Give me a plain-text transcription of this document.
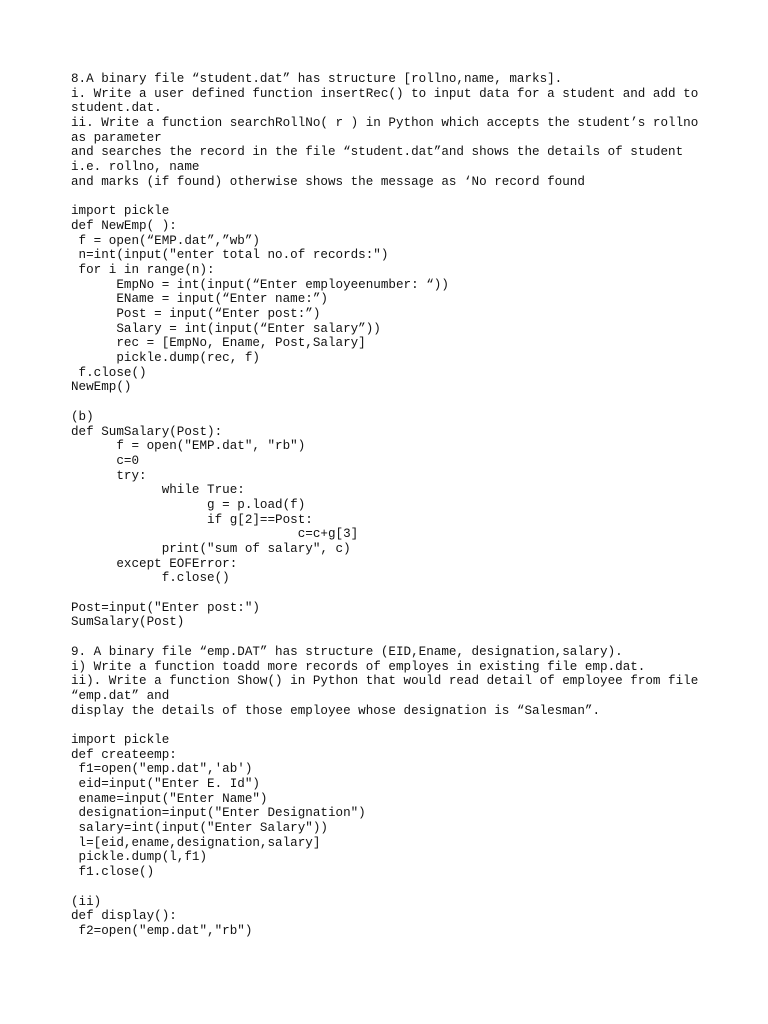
8.A binary file “student.dat” has structure [rollno,name, marks].
i. Write a user defined function insertRec() to input data for a student and add to
student.dat.
ii. Write a function searchRollNo( r ) in Python which accepts the student’s rollno
as parameter
and searches the record in the file “student.dat”and shows the details of student
i.e. rollno, name
and marks (if found) otherwise shows the message as ‘No record found
import pickle
def NewEmp( ):
f = open(“EMP.dat”,”wb”)
n=int(input("enter total no.of records:")
for i in range(n):
EmpNo = int(input(“Enter employeenumber: “))
EName = input(“Enter name:”)
Post = input(“Enter post:”)
Salary = int(input(“Enter salary”))
rec = [EmpNo, Ename, Post,Salary]
pickle.dump(rec, f)
f.close()
NewEmp()
(b)
def SumSalary(Post):
f = open("EMP.dat", "rb")
c=0
try:
while True:
g = p.load(f)
if g[2]==Post:
c=c+g[3]
print("sum of salary", c)
except EOFError:
f.close()
Post=input("Enter post:")
SumSalary(Post)
9. A binary file “emp.DAT” has structure (EID,Ename, designation,salary).
i) Write a function toadd more records of employes in existing file emp.dat.
ii). Write a function Show() in Python that would read detail of employee from file
“emp.dat” and
display the details of those employee whose designation is “Salesman”.
import pickle
def createemp:
f1=open("emp.dat",'ab')
eid=input("Enter E. Id")
ename=input("Enter Name")
designation=input("Enter Designation")
salary=int(input("Enter Salary"))
l=[eid,ename,designation,salary]
pickle.dump(l,f1)
f1.close()
(ii)
def display():
f2=open("emp.dat","rb")
